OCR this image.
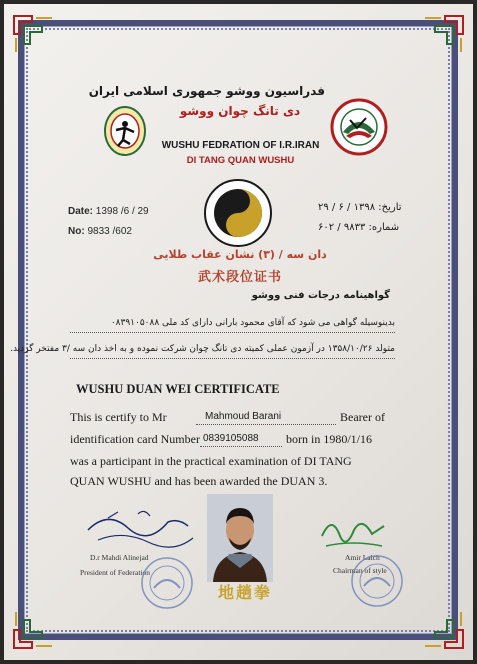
فدراسیون ووشو جمهوری اسلامی ایران
دی تانگ چوان ووشو
WUSHU FEDRATION OF I.R.IRAN
DI TANG QUAN WUSHU
Date: 1398 /6 / 29
No: 9833 /602
تاریخ: ۱۳۹۸ / ۶ / ۲۹
شماره: ۹۸۳۳ / ۶۰۲
دان سه / (۳) نشان عقاب طلایی
武术段位证书
گواهینامه درجات فنی ووشو
بدینوسیله گواهی می شود که آقای محمود بارانی دارای کد ملی ۰۸۳۹۱۰۵۰۸۸
متولد ۱۳۵۸/۱۰/۲۶ در آزمون عملی کمیته دی تانگ چوان شرکت نموده و به اخذ دان سه /۳ مفتخر گردید.
WUSHU DUAN WEI CERTIFICATE
This is certify to Mr	Mahmoud Barani	Bearer of
identification card Number 0839105088 born in 1980/1/16
was a participant in the practical examination of DI TANG
QUAN WUSHU and has been awarded the DUAN 3.
地趟拳
D.r Mahdi Alinejad
President of Federation
Amir Lalch
Chairman of style
